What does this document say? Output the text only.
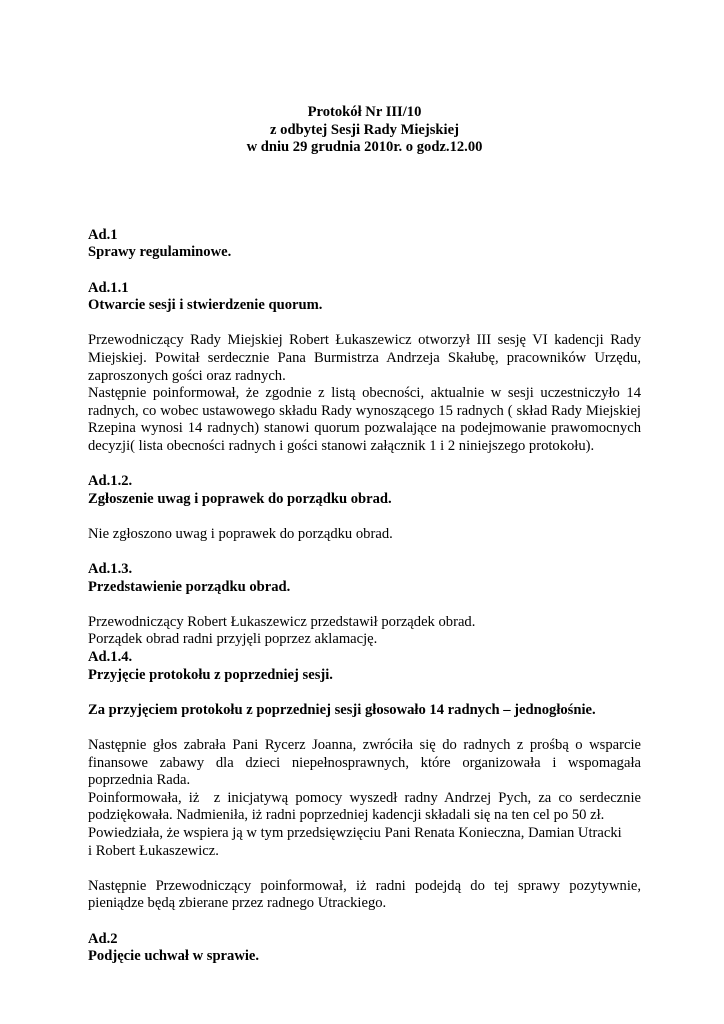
Protokół Nr III/10
z odbytej Sesji Rady Miejskiej
w dniu 29 grudnia 2010r. o godz.12.00
Ad.1
Sprawy regulaminowe.
Ad.1.1
Otwarcie sesji i stwierdzenie quorum.

Przewodniczący Rady Miejskiej Robert Łukaszewicz otworzył III sesję VI kadencji Rady
Miejskiej. Powitał serdecznie Pana Burmistrza Andrzeja Skałubę, pracowników Urzędu,
zaproszonych gości oraz radnych.

Następnie poinformował, że zgodnie z listą obecności, aktualnie w sesji uczestniczyło 14
radnych, co wobec ustawowego składu Rady wynoszącego 15 radnych ( skład Rady Miejskiej
Rzepina wynosi 14 radnych) stanowi quorum pozwalające na podejmowanie prawomocnych
decyzji( lista obecności radnych i gości stanowi załącznik 1 i 2 niniejszego protokołu).

Ad.1.2.
Zgłoszenie uwag i poprawek do porządku obrad.

Nie zgłoszono uwag i poprawek do porządku obrad.

Ad.1.3.
Przedstawienie porządku obrad.

Przewodniczący Robert Łukaszewicz przedstawił porządek obrad.
Porządek obrad radni przyjęli poprzez aklamację.

Ad.1.4.
Przyjęcie protokołu z poprzedniej sesji.

Za przyjęciem protokołu z poprzedniej sesji głosowało 14 radnych – jednogłośnie.

Następnie głos zabrała Pani Rycerz Joanna, zwróciła się do radnych z prośbą o wsparcie
finansowe zabawy dla dzieci niepełnosprawnych, które organizowała i wspomagała
poprzednia Rada.

Poinformowała, iż  z inicjatywą pomocy wyszedł radny Andrzej Pych, za co serdecznie
podziękowała. Nadmieniła, iż radni poprzedniej kadencji składali się na ten cel po 50 zł.
Powiedziała, że wspiera ją w tym przedsięwzięciu Pani Renata Konieczna, Damian Utracki
i Robert Łukaszewicz.

Następnie Przewodniczący poinformował, iż radni podejdą do tej sprawy pozytywnie,
pieniądze będą zbierane przez radnego Utrackiego.

Ad.2
Podjęcie uchwał w sprawie.
